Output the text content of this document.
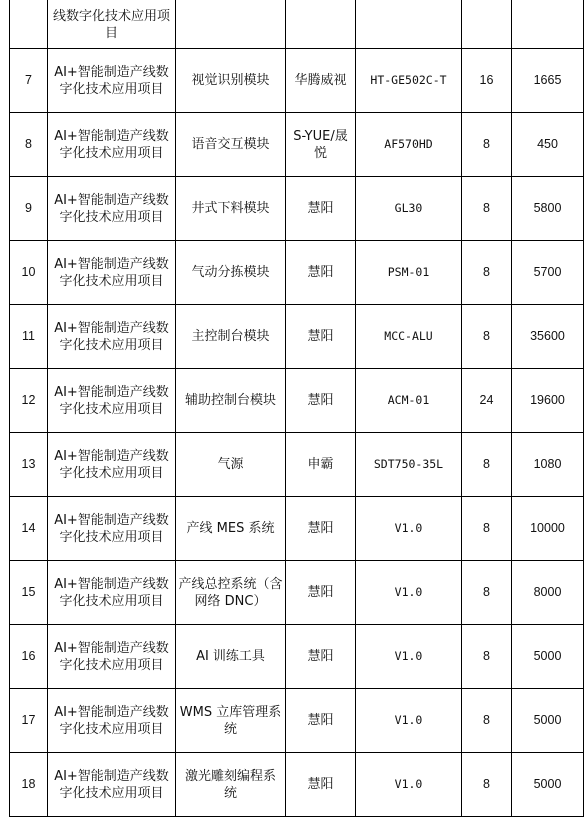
	线数字化技术应用项目					
7	AI+智能制造产线数字化技术应用项目	视觉识别模块	华腾威视	HT-GE502C-T	16	1665
8	AI+智能制造产线数字化技术应用项目	语音交互模块	S-YUE/晟悦	AF570HD	8	450
9	AI+智能制造产线数字化技术应用项目	井式下料模块	慧阳	GL30	8	5800
10	AI+智能制造产线数字化技术应用项目	气动分拣模块	慧阳	PSM-01	8	5700
11	AI+智能制造产线数字化技术应用项目	主控制台模块	慧阳	MCC-ALU	8	35600
12	AI+智能制造产线数字化技术应用项目	辅助控制台模块	慧阳	ACM-01	24	19600
13	AI+智能制造产线数字化技术应用项目	气源	申霸	SDT750-35L	8	1080
14	AI+智能制造产线数字化技术应用项目	产线 MES 系统	慧阳	V1.0	8	10000
15	AI+智能制造产线数字化技术应用项目	产线总控系统（含网络 DNC）	慧阳	V1.0	8	8000
16	AI+智能制造产线数字化技术应用项目	AI 训练工具	慧阳	V1.0	8	5000
17	AI+智能制造产线数字化技术应用项目	WMS 立库管理系 统	慧阳	V1.0	8	5000
18	AI+智能制造产线数字化技术应用项目	激光雕刻编程系 统	慧阳	V1.0	8	5000
